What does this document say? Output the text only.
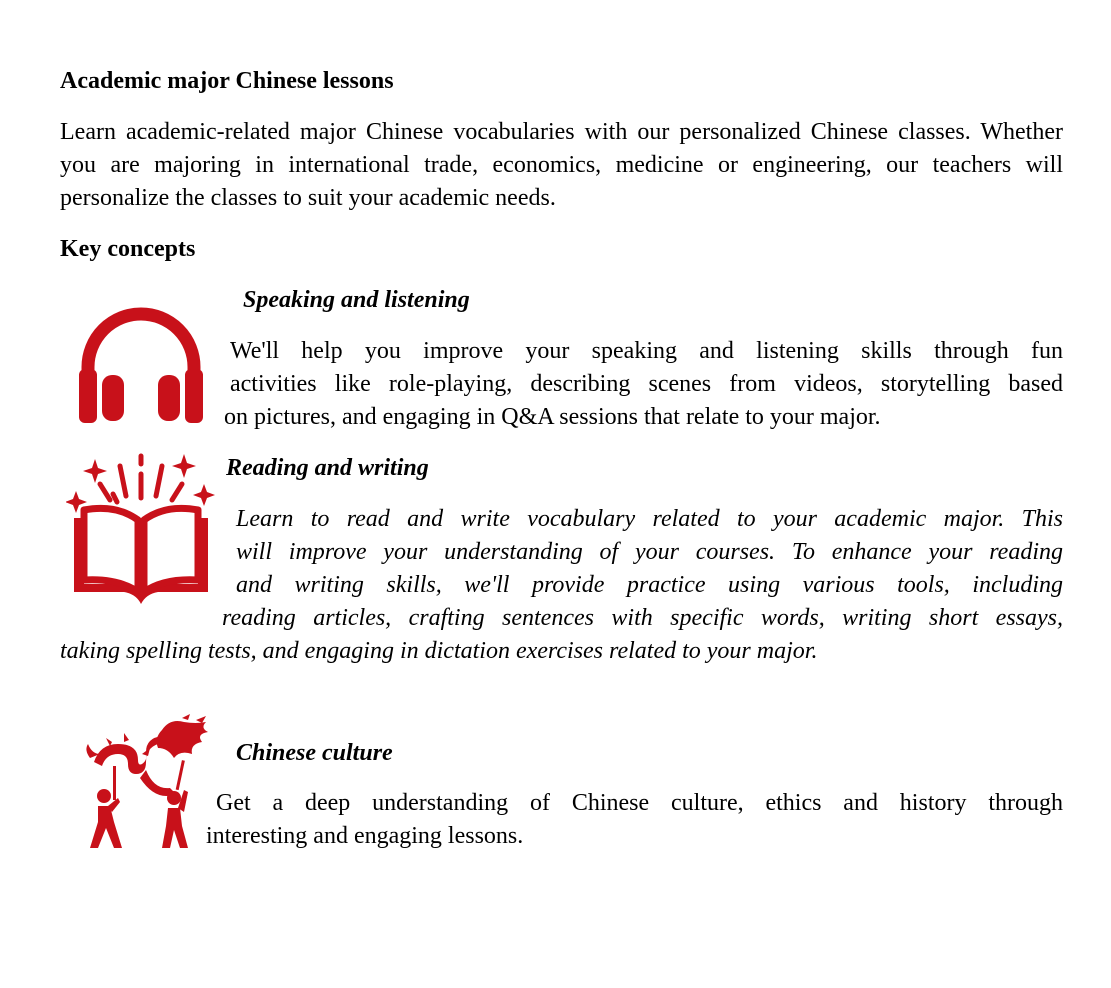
Academic major Chinese lessons
Learn academic-related major Chinese vocabularies with our personalized Chinese classes. Whether you are majoring in international trade, economics, medicine or engineering, our teachers will personalize the classes to suit your academic needs.
Key concepts
Speaking and listening
We'll help you improve your speaking and listening skills through fun
activities like role-playing, describing scenes from videos, storytelling based
on pictures, and engaging in Q&A sessions that relate to your major.
Reading and writing
Learn to read and write vocabulary related to your academic major. This
will improve your understanding of your courses. To enhance your reading
and writing skills, we'll provide practice using various tools, including
reading articles, crafting sentences with specific words, writing short essays,
taking spelling tests, and engaging in dictation exercises related to your major.
Chinese culture
Get a deep understanding of Chinese culture, ethics and history through
interesting and engaging lessons.
